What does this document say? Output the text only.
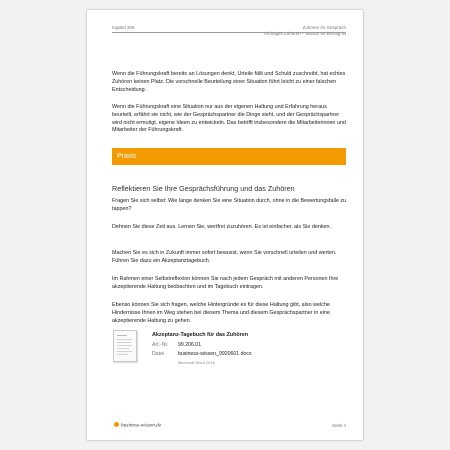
Kapitel 306	Zuhören im Gespräch
Richtiges Zuhören – warum es wichtig ist

Wenn die Führungskraft bereits an Lösungen denkt, Urteile fällt und Schuld zuschreibt, hat echtes Zuhören keinen Platz. Die vorschnelle Beurteilung einer Situation führt leicht zu einer falschen Entscheidung.

Wenn die Führungskraft eine Situation nur aus der eigenen Haltung und Erfahrung heraus beurteilt, erfährt sie nicht, wie der Gesprächspartner die Dinge sieht, und der Gesprächspartner wird nicht ermutigt, eigene Ideen zu entwickeln. Das betrifft insbesondere die Mitarbeiterinnen und Mitarbeiter der Führungskraft.

Praxis
Reflektieren Sie Ihre Gesprächsführung und das Zuhören

Fragen Sie sich selbst: Wie lange denken Sie eine Situation durch, ohne in die Bewertungsfalle zu tappen?

Dehnen Sie diese Zeit aus. Lernen Sie, wertfrei zuzuhören. Es ist einfacher, als Sie denken.

Machen Sie es sich in Zukunft immer sofort bewusst, wenn Sie vorschnell urteilen und werten. Führen Sie dazu ein Akzeptanztagebuch.

Im Rahmen einer Selbstreflexion können Sie nach jedem Gespräch mit anderen Personen Ihre akzeptierende Haltung beobachten und im Tagebuch eintragen.

Ebenso können Sie sich fragen, welche Hintergründe es für diese Haltung gibt, also welche Hindernisse Ihnen im Weg stehen bei diesem Thema und diesem Gesprächspartner in eine akzeptierende Haltung zu gehen.

Akzeptanz-Tagebuch für das Zuhören
Art.-Nr. 99.206.01
Datei	business-wissen_9920601.docx
Microsoft Word 2016
business-wissen.de	Seite 4
